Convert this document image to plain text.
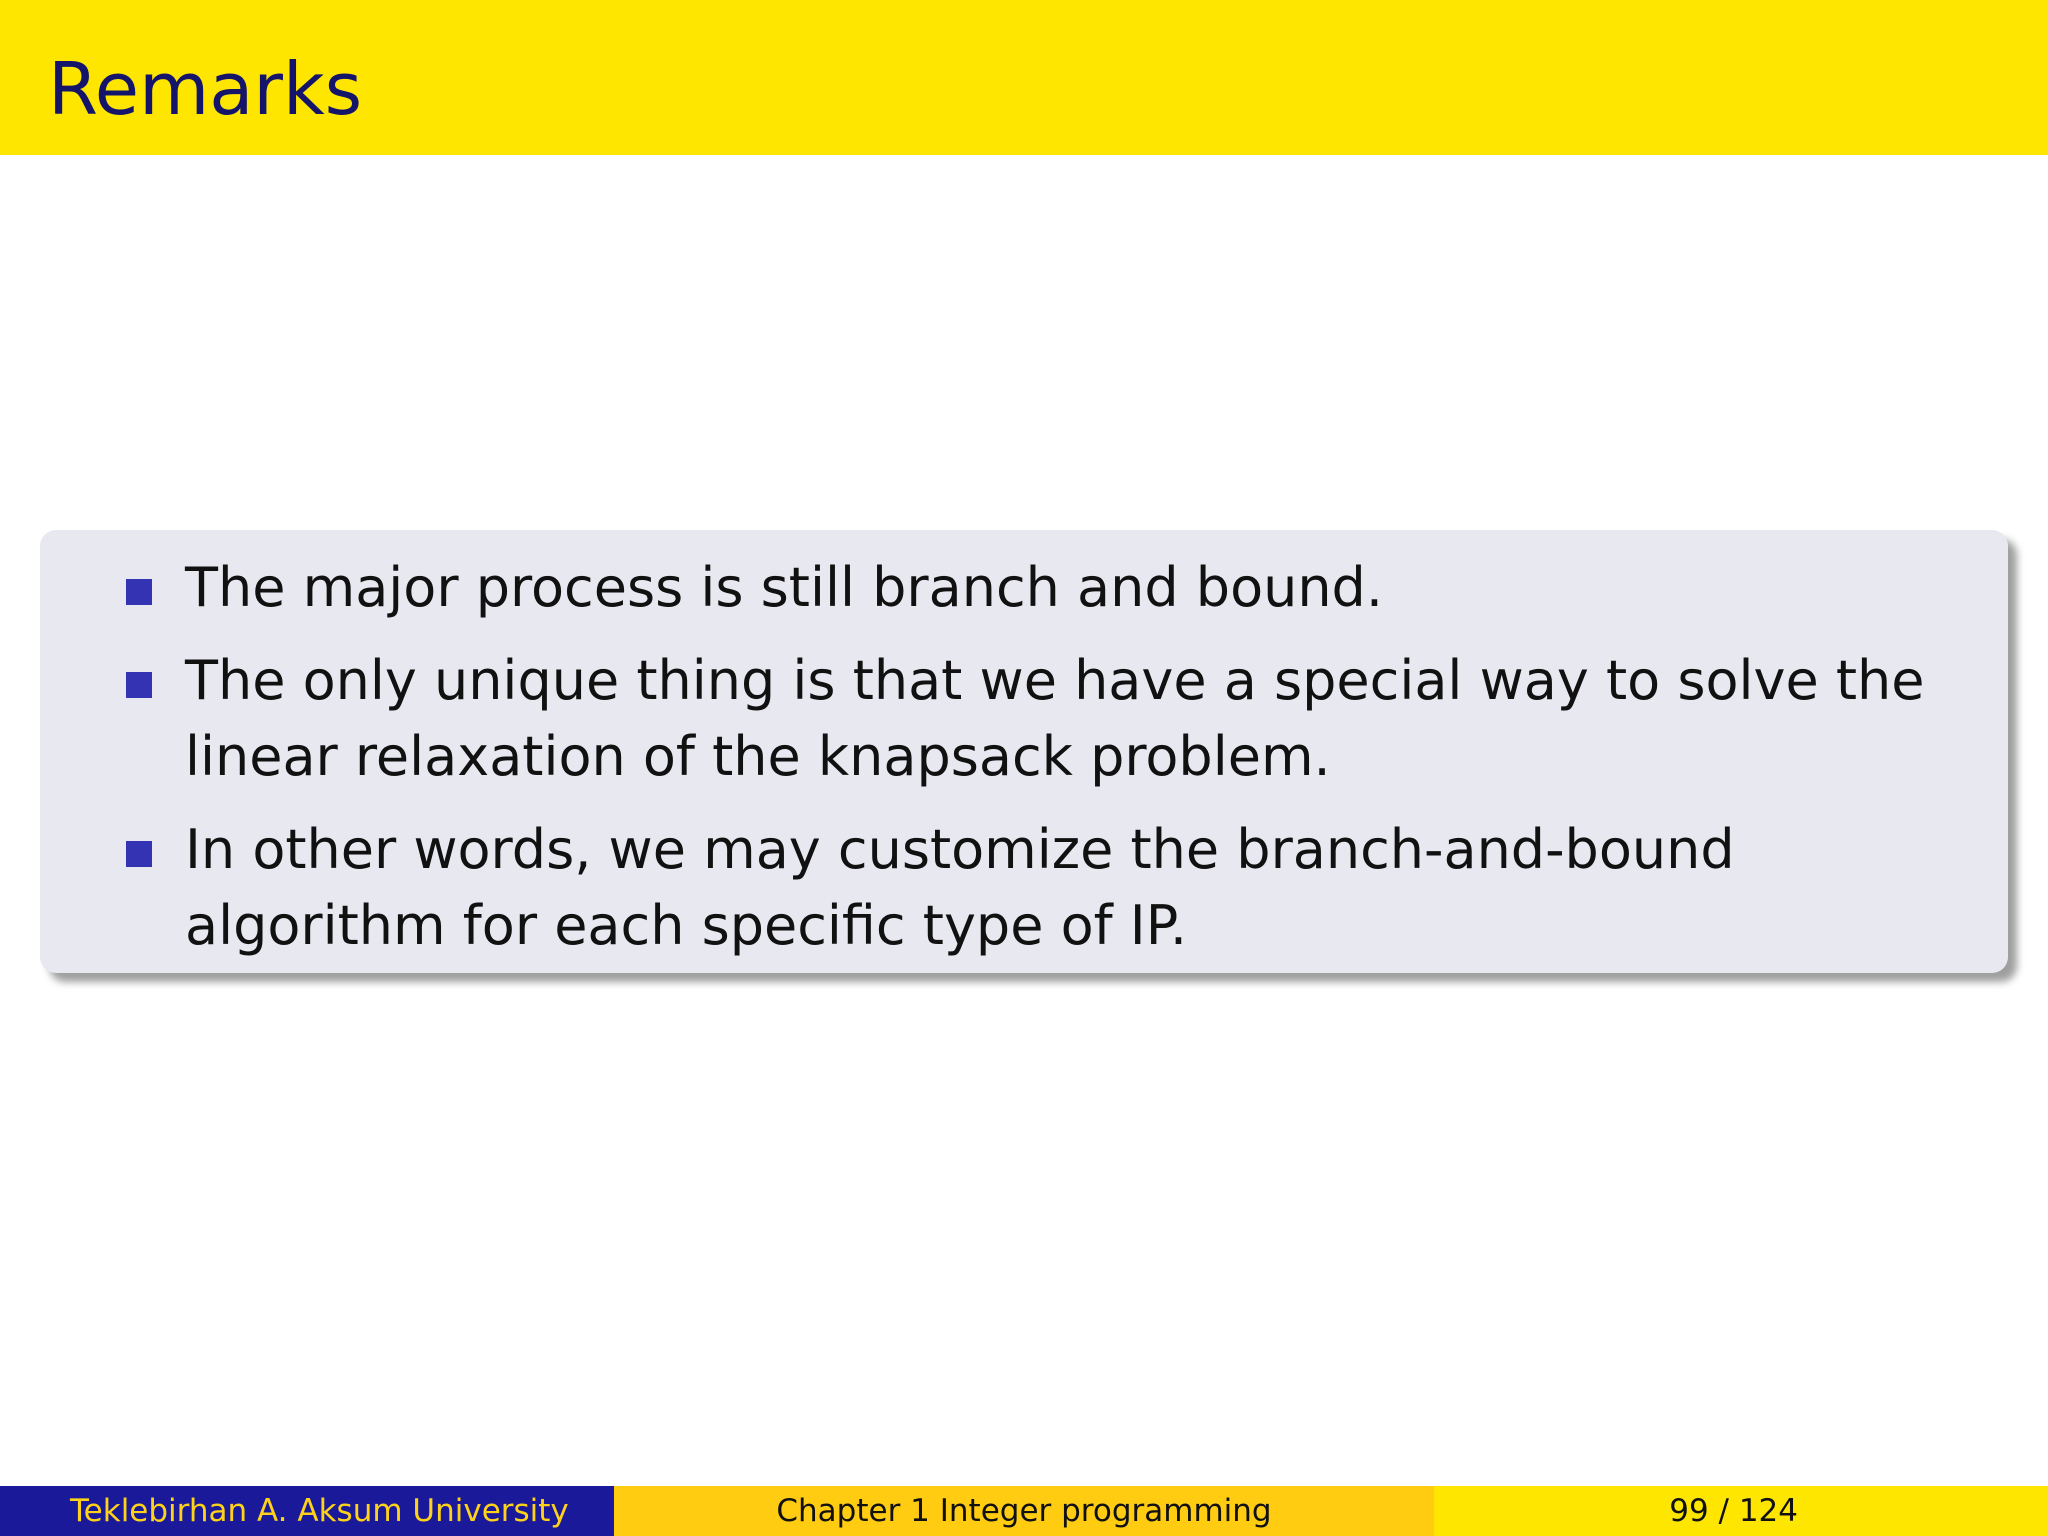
Remarks
The major process is still branch and bound.
The only unique thing is that we have a special way to solve the linear relaxation of the knapsack problem.
In other words, we may customize the branch-and-bound algorithm for each specific type of IP.
Teklebirhan A. Aksum University	Chapter 1 Integer programming	99 / 124
